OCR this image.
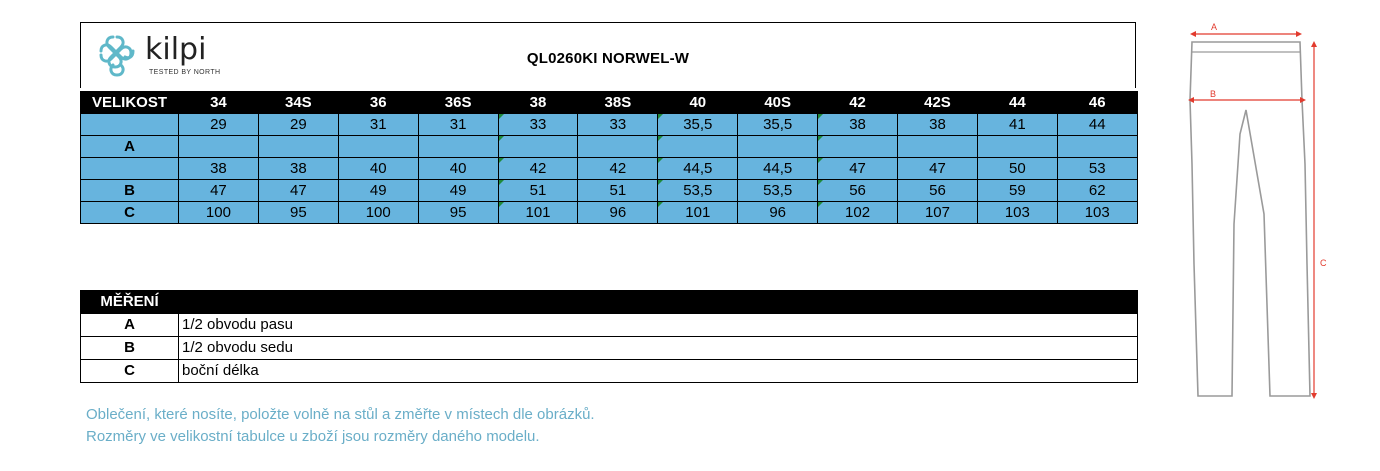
kilpi
TESTED BY NORTH
QL0260KI NORWEL-W
VELIKOST	34	34S	36	36S	38	38S	40	40S	42	42S	44	46
	29	29	31	31	33	33	35,5	35,5	38	38	41	44
A												
	38	38	40	40	42	42	44,5	44,5	47	47	50	53
B	47	47	49	49	51	51	53,5	53,5	56	56	59	62
C	100	95	100	95	101	96	101	96	102	107	103	103
MĚŘENÍ	
A	1/2 obvodu pasu
B	1/2 obvodu sedu
C	boční délka
Oblečení, které nosíte, položte volně na stůl a změřte v místech dle obrázků.
Rozměry ve velikostní tabulce u zboží jsou rozměry daného modelu.
A
B
C
